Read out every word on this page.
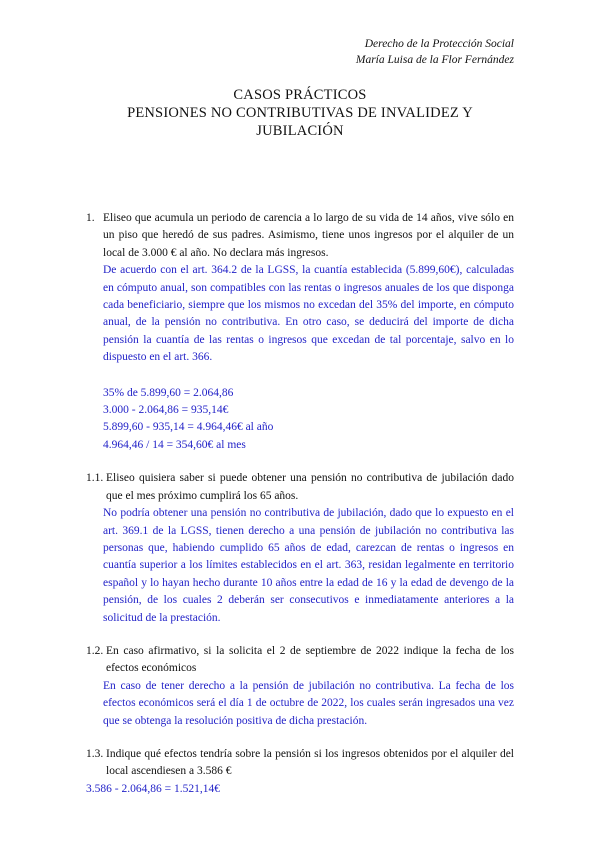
Derecho de la Protección Social
María Luisa de la Flor Fernández
CASOS PRÁCTICOS
PENSIONES NO CONTRIBUTIVAS DE INVALIDEZ Y
JUBILACIÓN
1. Eliseo que acumula un periodo de carencia a lo largo de su vida de 14 años, vive sólo en un piso que heredó de sus padres. Asimismo, tiene unos ingresos por el alquiler de un local de 3.000 € al año. No declara más ingresos.
De acuerdo con el art. 364.2 de la LGSS, la cuantía establecida (5.899,60€), calculadas en cómputo anual, son compatibles con las rentas o ingresos anuales de los que disponga cada beneficiario, siempre que los mismos no excedan del 35% del importe, en cómputo anual, de la pensión no contributiva. En otro caso, se deducirá del importe de dicha pensión la cuantía de las rentas o ingresos que excedan de tal porcentaje, salvo en lo dispuesto en el art. 366.
35% de 5.899,60 = 2.064,86
3.000 - 2.064,86 = 935,14€
5.899,60 - 935,14 = 4.964,46€ al año
4.964,46 / 14 = 354,60€ al mes
1.1. Eliseo quisiera saber si puede obtener una pensión no contributiva de jubilación dado que el mes próximo cumplirá los 65 años.
No podría obtener una pensión no contributiva de jubilación, dado que lo expuesto en el art. 369.1 de la LGSS, tienen derecho a una pensión de jubilación no contributiva las personas que, habiendo cumplido 65 años de edad, carezcan de rentas o ingresos en cuantía superior a los límites establecidos en el art. 363, residan legalmente en territorio español y lo hayan hecho durante 10 años entre la edad de 16 y la edad de devengo de la pensión, de los cuales 2 deberán ser consecutivos e inmediatamente anteriores a la solicitud de la prestación.
1.2. En caso afirmativo, si la solicita el 2 de septiembre de 2022 indique la fecha de los efectos económicos
En caso de tener derecho a la pensión de jubilación no contributiva. La fecha de los efectos económicos será el día 1 de octubre de 2022, los cuales serán ingresados una vez que se obtenga la resolución positiva de dicha prestación.
1.3. Indique qué efectos tendría sobre la pensión si los ingresos obtenidos por el alquiler del local ascendiesen a 3.586 €
3.586 - 2.064,86 = 1.521,14€
